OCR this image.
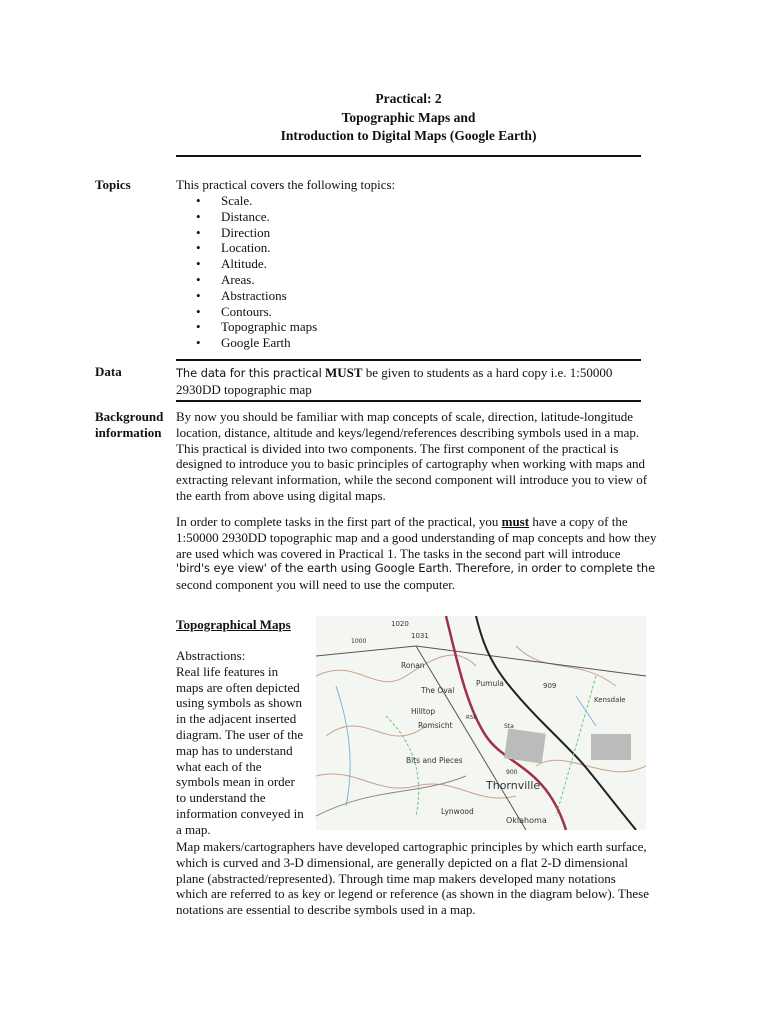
Practical: 2
Topographic Maps and
Introduction to Digital Maps (Google Earth)
Topics	This practical covers the following topics:
• Scale.
• Distance.
• Direction
• Location.
• Altitude.
• Areas.
• Abstractions
• Contours.
• Topographic maps
• Google Earth
Data	The data for this practical MUST be given to students as a hard copy i.e. 1:50000
2930DD topographic map
Background
information
By now you should be familiar with map concepts of scale, direction, latitude-longitude
location, distance, altitude and keys/legend/references describing symbols used in a map.
This practical is divided into two components. The first component of the practical is
designed to introduce you to basic principles of cartography when working with maps and
extracting relevant information, while the second component will introduce you to view of
the earth from above using digital maps.
In order to complete tasks in the first part of the practical, you must have a copy of the
1:50000 2930DD topographic map and a good understanding of map concepts and how they
are used which was covered in Practical 1. The tasks in the second part will introduce
'bird's eye view' of the earth using Google Earth. Therefore, in order to complete the
second component you will need to use the computer.
Topographical Maps
Abstractions:
Real life features in
maps are often depicted
using symbols as shown
in the adjacent inserted
diagram. The user of the
map has to understand
what each of the
symbols mean in order
to understand the
information conveyed in
a map.
1020
1031
1000
Ronan
The Oval
Pumula	909
Kensdale
Hilltop
Romsicht
R56
Sta
Bits and Pieces
900
Thornville
Lynwood
Oklahoma
Map makers/cartographers have developed cartographic principles by which earth surface,
which is curved and 3-D dimensional, are generally depicted on a flat 2-D dimensional
plane (abstracted/represented). Through time map makers developed many notations
which are referred to as key or legend or reference (as shown in the diagram below). These
notations are essential to describe symbols used in a map.
